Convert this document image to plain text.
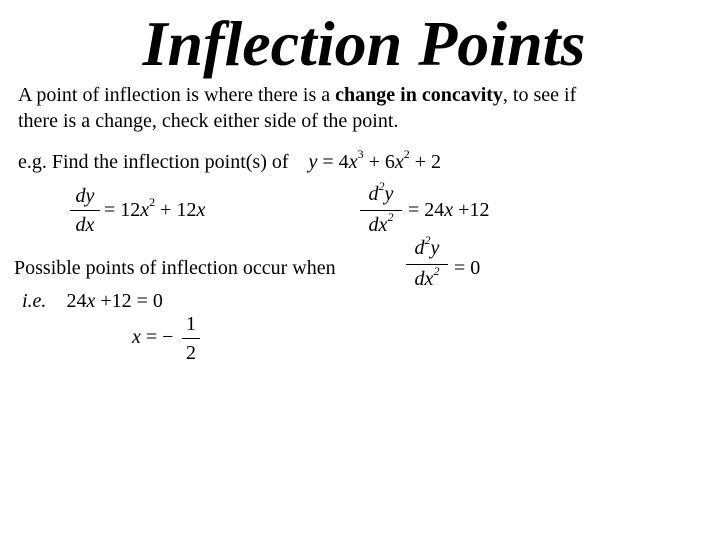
Inflection Points
A point of inflection is where there is a change in concavity, to see if
there is a change, check either side of the point.
e.g. Find the inflection point(s) of $y = 4x^3 + 6x^2 + 2$
dy
dx
= $12x^2 + 12x$
$d^2y$
$dx^2 = 24x +12$
Possible points of inflection occur when
$d^2y$
$dx^2 = 0$
i.e. 24x +12 = 0
x = −
1
2
